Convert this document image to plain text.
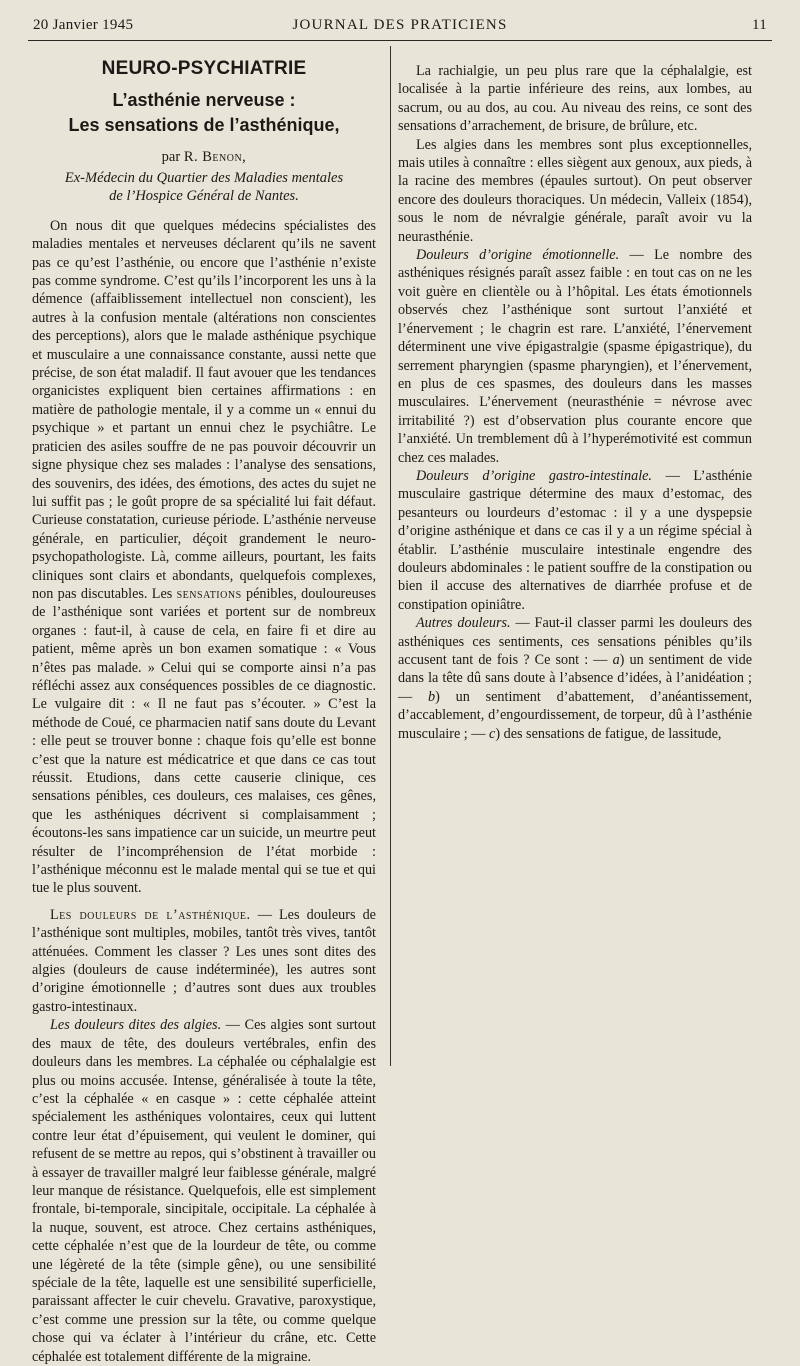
20 Janvier 1945	JOURNAL DES PRATICIENS	11
NEURO-PSYCHIATRIE
L’asthénie nerveuse :
Les sensations de l’asthénique,
par R. Benon,
Ex-Médecin du Quartier des Maladies mentales
de l’Hospice Général de Nantes.

On nous dit que quelques médecins spécialistes des maladies mentales et nerveuses déclarent qu’ils ne savent pas ce qu’est l’asthénie, ou encore que l’asthénie n’existe pas comme syndrome. C’est qu’ils l’incorporent les uns à la démence (affaiblissement intellectuel non conscient), les autres à la confusion mentale (altérations non conscientes des perceptions), alors que le malade asthénique psychique et musculaire a une connaissance constante, aussi nette que précise, de son état maladif. Il faut avouer que les tendances organicistes expliquent bien certaines affirmations : en matière de pathologie mentale, il y a comme un « ennui du psychique » et partant un ennui chez le psychiâtre. Le praticien des asiles souffre de ne pas pouvoir découvrir un signe physique chez ses malades : l’analyse des sensations, des souvenirs, des idées, des émotions, des actes du sujet ne lui suffit pas ; le goût propre de sa spécialité lui fait défaut. Curieuse constatation, curieuse période. L’asthénie nerveuse générale, en particulier, déçoit grandement le neuro-psychopathologiste. Là, comme ailleurs, pourtant, les faits cliniques sont clairs et abondants, quelquefois complexes, non pas discutables. Les sensations pénibles, douloureuses de l’asthénique sont variées et portent sur de nombreux organes : faut-il, à cause de cela, en faire fi et dire au patient, même après un bon examen somatique : « Vous n’êtes pas malade. » Celui qui se comporte ainsi n’a pas réfléchi assez aux conséquences possibles de ce diagnostic. Le vulgaire dit : « Il ne faut pas s’écouter. » C’est la méthode de Coué, ce pharmacien natif sans doute du Levant : elle peut se trouver bonne : chaque fois qu’elle est bonne c’est que la nature est médicatrice et que dans ce cas tout réussit. Etudions, dans cette causerie clinique, ces sensations pénibles, ces douleurs, ces malaises, ces gênes, que les asthéniques décrivent si complaisamment ; écoutons-les sans impatience car un suicide, un meurtre peut résulter de l’incompréhension de l’état morbide : l’asthénique méconnu est le malade mental qui se tue et qui tue le plus souvent.

Les douleurs de l’asthénique. — Les douleurs de l’asthénique sont multiples, mobiles, tantôt très vives, tantôt atténuées. Comment les classer ? Les unes sont dites des algies (douleurs de cause indéterminée), les autres sont d’origine émotionnelle ; d’autres sont dues aux troubles gastro-intestinaux.

Les douleurs dites des algies. — Ces algies sont surtout des maux de tête, des douleurs vertébrales, enfin des douleurs dans les membres. La céphalée ou céphalalgie est plus ou moins accusée. Intense, généralisée à toute la tête, c’est la céphalée « en casque » : cette céphalée atteint spécialement les asthéniques volontaires, ceux qui luttent contre leur état d’épuisement, qui veulent le dominer, qui refusent de se mettre au repos, qui s’obstinent à travailler ou à essayer de travailler malgré leur faiblesse générale, malgré leur manque de résistance. Quelquefois, elle est simplement frontale, bi-temporale, sincipitale, occipitale. La céphalée à la nuque, souvent, est atroce. Chez certains asthéniques, cette céphalée n’est que de la lourdeur de tête, ou comme une légèreté de la tête (simple gêne), ou une sensibilité spéciale de la tête, laquelle est une sensibilité superficielle, paraissant affecter le cuir chevelu. Gravative, paroxystique, c’est comme une pression sur la tête, ou comme quelque chose qui va éclater à l’intérieur du crâne, etc. Cette céphalée est totalement différente de la migraine.

La rachialgie, un peu plus rare que la céphalalgie, est localisée à la partie inférieure des reins, aux lombes, au sacrum, ou au dos, au cou. Au niveau des reins, ce sont des sensations d’arrachement, de brisure, de brûlure, etc.

Les algies dans les membres sont plus exceptionnelles, mais utiles à connaître : elles siègent aux genoux, aux pieds, à la racine des membres (épaules surtout). On peut observer encore des douleurs thoraciques. Un médecin, Valleix (1854), sous le nom de névralgie générale, paraît avoir vu la neurasthénie.

Douleurs d’origine émotionnelle. — Le nombre des asthéniques résignés paraît assez faible : en tout cas on ne les voit guère en clientèle ou à l’hôpital. Les états émotionnels observés chez l’asthénique sont surtout l’anxiété et l’énervement ; le chagrin est rare. L’anxiété, l’énervement déterminent une vive épigastralgie (spasme épigastrique), du serrement pharyngien (spasme pharyngien), et l’énervement, en plus de ces spasmes, des douleurs dans les masses musculaires. L’énervement (neurasthénie = névrose avec irritabilité ?) est d’observation plus courante encore que l’anxiété. Un tremblement dû à l’hyperémotivité est commun chez ces malades.

Douleurs d’origine gastro-intestinale. — L’asthénie musculaire gastrique détermine des maux d’estomac, des pesanteurs ou lourdeurs d’estomac : il y a une dyspepsie d’origine asthénique et dans ce cas il y a un régime spécial à établir. L’asthénie musculaire intestinale engendre des douleurs abdominales : le patient souffre de la constipation ou bien il accuse des alternatives de diarrhée profuse et de constipation opiniâtre.

Autres douleurs. — Faut-il classer parmi les douleurs des asthéniques ces sentiments, ces sensations pénibles qu’ils accusent tant de fois ? Ce sont : — a) un sentiment de vide dans la tête dû sans doute à l’absence d’idées, à l’anidéation ; — b) un sentiment d’abattement, d’anéantissement, d’accablement, d’engourdissement, de torpeur, dû à l’asthénie musculaire ; — c) des sensations de fatigue, de lassitude,
